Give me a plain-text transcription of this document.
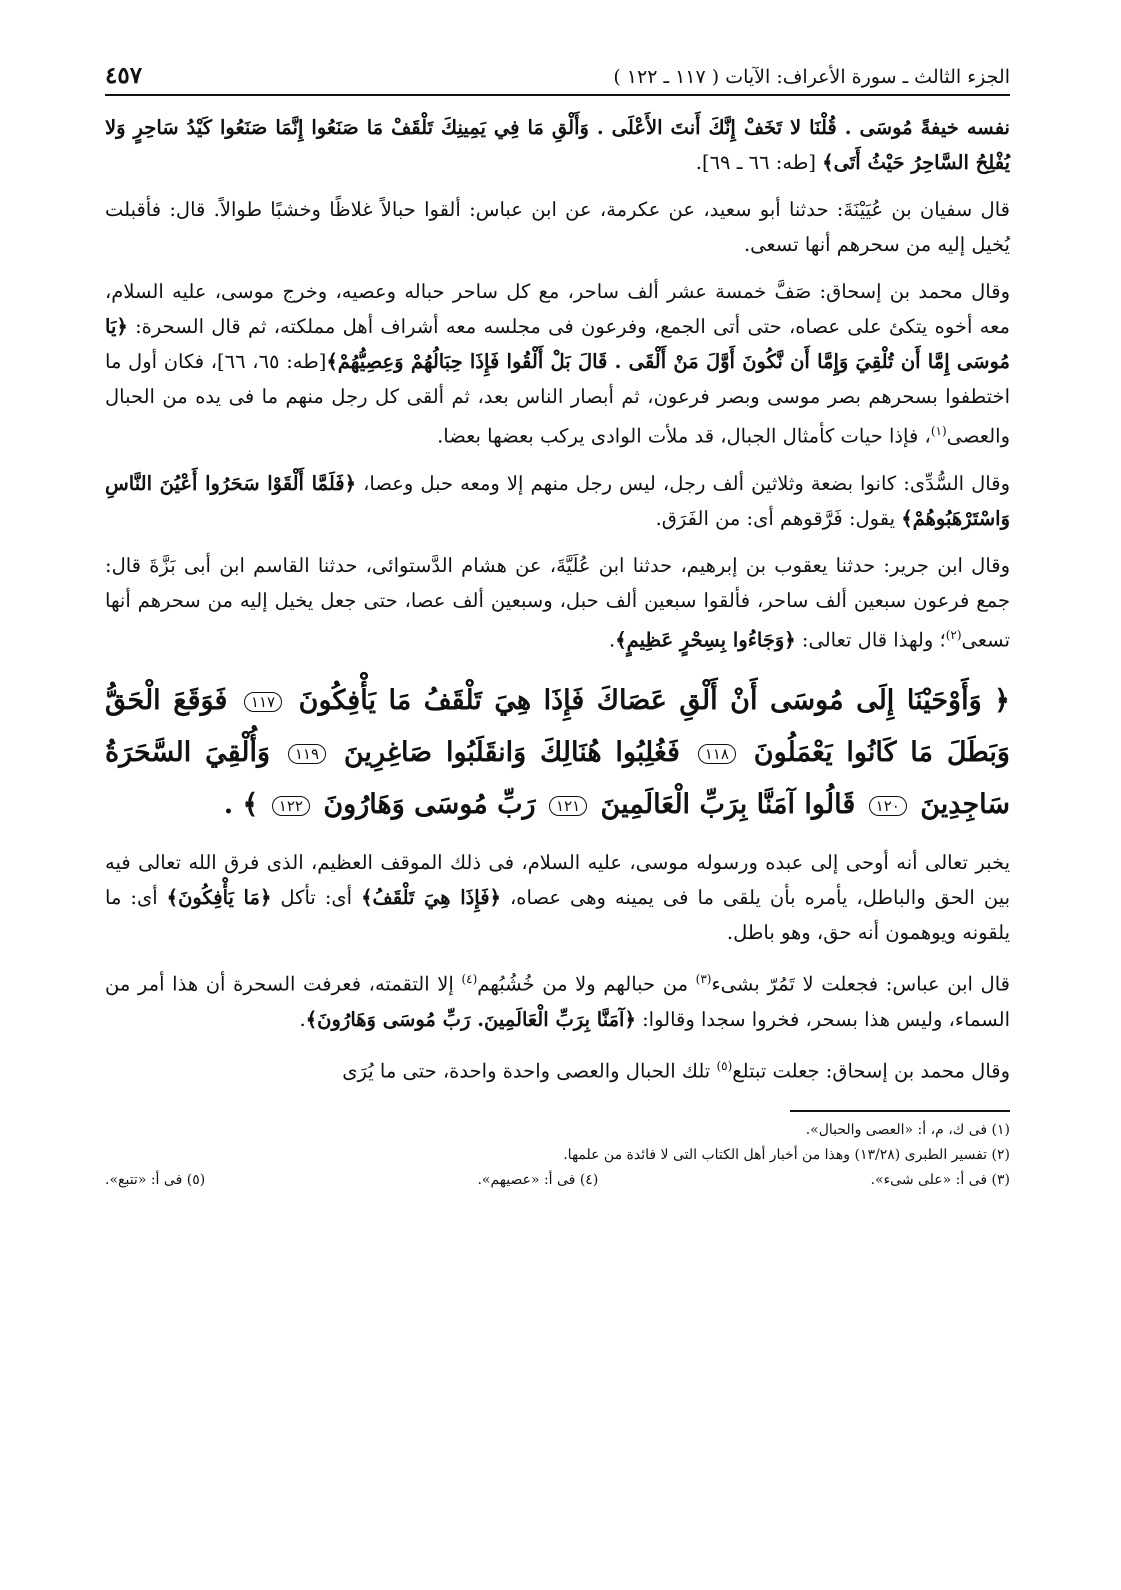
الجزء الثالث ـ سورة الأعراف: الآيات ( ١١٧ ـ ١٢٢ )
٤٥٧

نفسه خيفةً مُوسَى . قُلْنَا لا تَخَفْ إِنَّكَ أَنتَ الأَعْلَى . وَأَلْقِ مَا فِي يَمِينِكَ تَلْقَفْ مَا صَنَعُوا إِنَّمَا صَنَعُوا كَيْدُ سَاحِرٍ وَلا يُفْلِحُ السَّاحِرُ حَيْثُ أَتَى﴾ [طه: ٦٦ ـ ٦٩].

قال سفيان بن عُيَيْنَةَ: حدثنا أبو سعيد، عن عكرمة، عن ابن عباس: ألقوا حبالاً غلاظًا وخشبًا طوالاً. قال: فأقبلت يُخيل إليه من سحرهم أنها تسعى.

وقال محمد بن إسحاق: صَفَّ خمسة عشر ألف ساحر، مع كل ساحر حباله وعصيه، وخرج موسى، عليه السلام، معه أخوه يتكئ على عصاه، حتى أتى الجمع، وفرعون فى مجلسه معه أشراف أهل مملكته، ثم قال السحرة: ﴿يَا مُوسَى إِمَّا أَن تُلْقِيَ وَإِمَّا أَن نَّكُونَ أَوَّلَ مَنْ أَلْقَى . قَالَ بَلْ أَلْقُوا فَإِذَا حِبَالُهُمْ وَعِصِيُّهُمْ﴾[طه: ٦٥، ٦٦]، فكان أول ما اختطفوا بسحرهم بصر موسى وبصر فرعون، ثم أبصار الناس بعد، ثم ألقى كل رجل منهم ما فى يده من الحبال والعصى$^{(١)}$، فإذا حيات كأمثال الجبال، قد ملأت الوادى يركب بعضها بعضا.

وقال السُّدِّى: كانوا بضعة وثلاثين ألف رجل، ليس رجل منهم إلا ومعه حبل وعصا، ﴿فَلَمَّا أَلْقَوْا سَحَرُوا أَعْيُنَ النَّاسِ وَاسْتَرْهَبُوهُمْ﴾ يقول: فَرَّقوهم أى: من الفَرَق.

وقال ابن جرير: حدثنا يعقوب بن إبرهيم، حدثنا ابن عُلَيَّةَ، عن هشام الدَّستوائى، حدثنا القاسم ابن أبى بَزَّةَ قال: جمع فرعون سبعين ألف ساحر، فألقوا سبعين ألف حبل، وسبعين ألف عصا، حتى جعل يخيل إليه من سحرهم أنها تسعى$^{(٢)}$؛ ولهذا قال تعالى: ﴿وَجَاءُوا بِسِحْرٍ عَظِيمٍ﴾.

﴿ وَأَوْحَيْنَا إِلَى مُوسَى أَنْ أَلْقِ عَصَاكَ فَإِذَا هِيَ تَلْقَفُ مَا يَأْفِكُونَ ١١٧ فَوَقَعَ الْحَقُّ وَبَطَلَ مَا كَانُوا يَعْمَلُونَ ١١٨ فَغُلِبُوا هُنَالِكَ وَانقَلَبُوا صَاغِرِينَ ١١٩ وَأُلْقِيَ السَّحَرَةُ سَاجِدِينَ ١٢٠ قَالُوا آمَنَّا بِرَبِّ الْعَالَمِينَ ١٢١ رَبِّ مُوسَى وَهَارُونَ ١٢٢ ﴾ .

يخبر تعالى أنه أوحى إلى عبده ورسوله موسى، عليه السلام، فى ذلك الموقف العظيم، الذى فرق الله تعالى فيه بين الحق والباطل، يأمره بأن يلقى ما فى يمينه وهى عصاه، ﴿فَإِذَا هِيَ تَلْقَفُ﴾ أى: تأكل ﴿مَا يَأْفِكُونَ﴾ أى: ما يلقونه ويوهمون أنه حق، وهو باطل.

قال ابن عباس: فجعلت لا تَمُرّ بشىء$^{(٣)}$ من حبالهم ولا من خُشُبُهم$^{(٤)}$ إلا التقمته، فعرفت السحرة أن هذا أمر من السماء، وليس هذا بسحر، فخروا سجدا وقالوا: ﴿آمَنَّا بِرَبِّ الْعَالَمِينَ. رَبِّ مُوسَى وَهَارُونَ﴾.

وقال محمد بن إسحاق: جعلت تبتلع$^{(٥)}$ تلك الحبال والعصى واحدة واحدة، حتى ما يُرَى

(١) فى ك، م، أ: «العصى والحبال».
(٢) تفسير الطبرى (١٣/٢٨) وهذا من أخبار أهل الكتاب التى لا فائدة من علمها.
(٣) فى أ: «على شىء».
(٤) فى أ: «عصيهم».
(٥) فى أ: «تتبع».
